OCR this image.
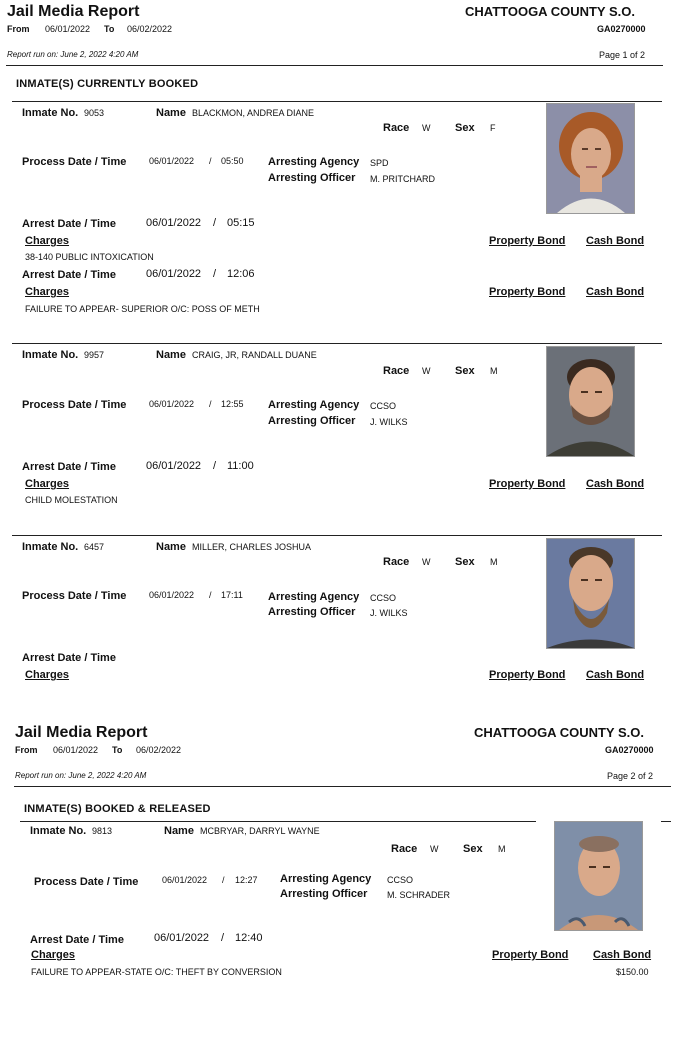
Jail Media Report	CHATTOOGA COUNTY S.O.
From 06/01/2022 To 06/02/2022	GA0270000
Report run on: June 2, 2022 4:20 AM	Page 1 of 2
INMATE(S) CURRENTLY BOOKED
Inmate No. 9053	Name BLACKMON, ANDREA DIANE
Race W Sex F
Process Date / Time	06/01/2022 / 05:50 Arresting Agency SPD
Arresting Officer M. PRITCHARD
Arrest Date / Time	06/01/2022 / 05:15
Charges	Property Bond Cash Bond
38-140 PUBLIC INTOXICATION
Arrest Date / Time	06/01/2022 / 12:06
Charges	Property Bond Cash Bond
FAILURE TO APPEAR- SUPERIOR O/C: POSS OF METH
Inmate No. 9957	Name CRAIG, JR, RANDALL DUANE
Race W Sex M
Process Date / Time	06/01/2022 / 12:55 Arresting Agency CCSO
Arresting Officer J. WILKS
Arrest Date / Time	06/01/2022 / 11:00
Charges	Property Bond Cash Bond
CHILD MOLESTATION
Inmate No. 6457	Name MILLER, CHARLES JOSHUA
Race W Sex M
Process Date / Time	06/01/2022 / 17:11 Arresting Agency CCSO
Arresting Officer J. WILKS
Arrest Date / Time
Charges	Property Bond Cash Bond
Jail Media Report	CHATTOOGA COUNTY S.O.
From 06/01/2022 To 06/02/2022	GA0270000
Report run on: June 2, 2022 4:20 AM	Page 2 of 2
INMATE(S) BOOKED & RELEASED
Inmate No. 9813	Name MCBRYAR, DARRYL WAYNE
Race W Sex M
Process Date / Time	06/01/2022 / 12:27 Arresting Agency CCSO
Arresting Officer M. SCHRADER
Arrest Date / Time	06/01/2022 / 12:40
Charges	Property Bond Cash Bond
FAILURE TO APPEAR-STATE O/C: THEFT BY CONVERSION	$150.00
